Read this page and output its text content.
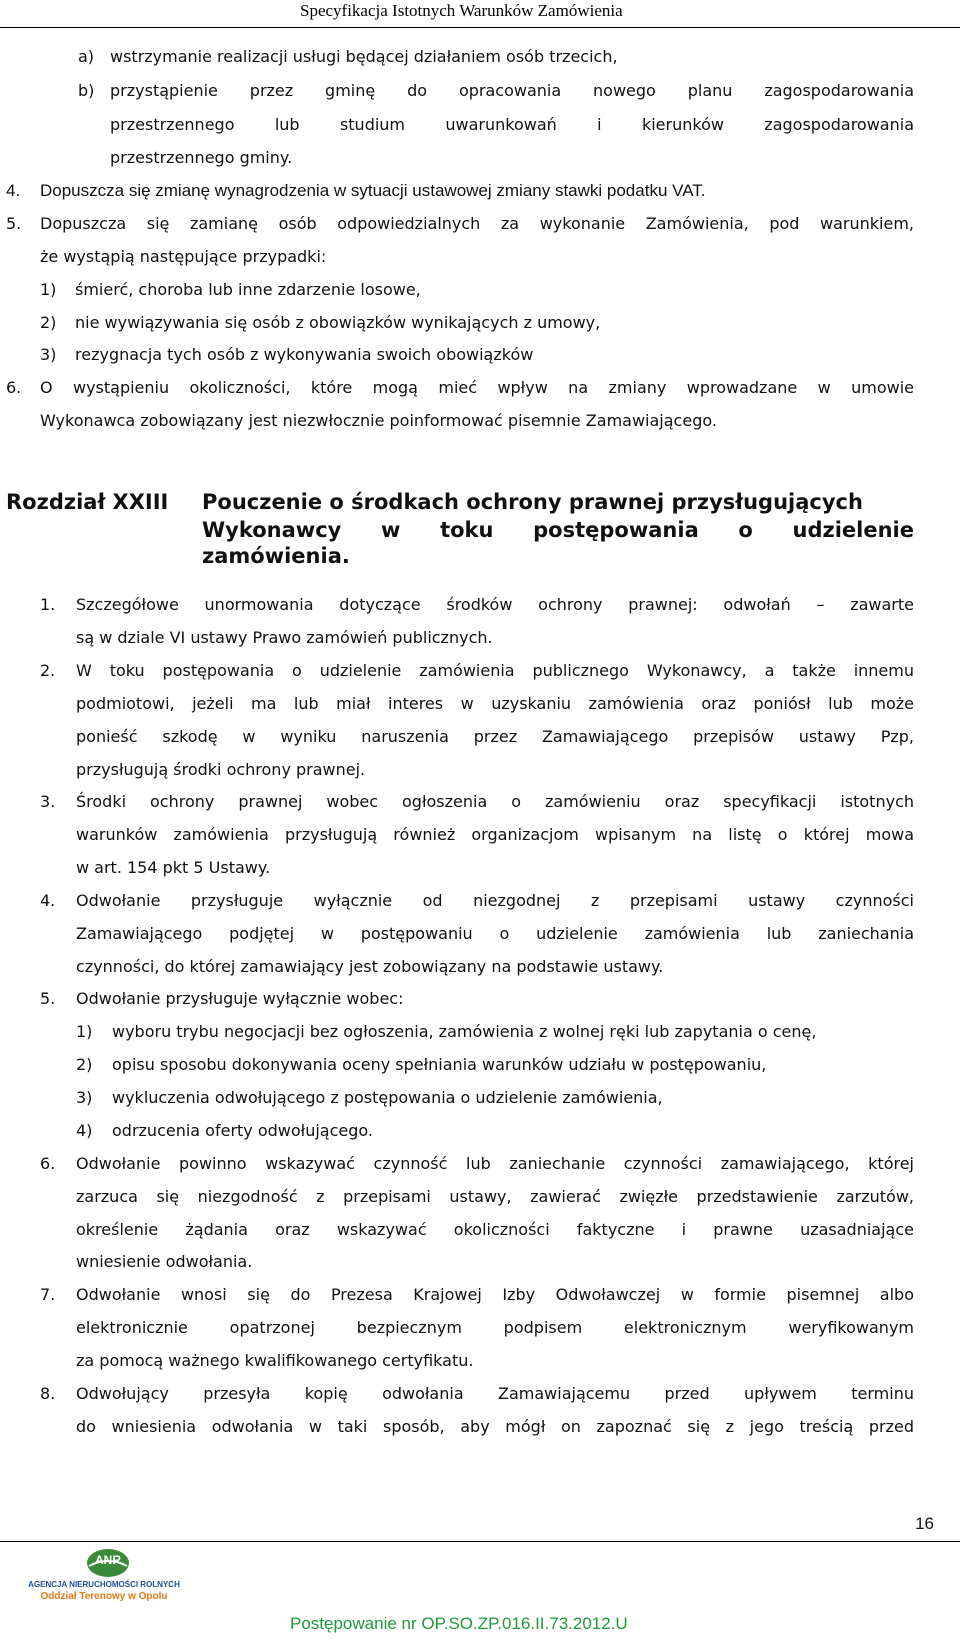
Specyfikacja Istotnych Warunków Zamówienia
a) wstrzymanie realizacji usługi będącej działaniem osób trzecich,
b) przystąpienie przez gminę do opracowania nowego planu zagospodarowania
przestrzennego lub studium uwarunkowań i kierunków zagospodarowania
przestrzennego gminy.
4. Dopuszcza się zmianę wynagrodzenia w sytuacji ustawowej zmiany stawki podatku VAT.
5. Dopuszcza się zamianę osób odpowiedzialnych za wykonanie Zamówienia, pod warunkiem,
że wystąpią następujące przypadki:
1) śmierć, choroba lub inne zdarzenie losowe,
2) nie wywiązywania się osób z obowiązków wynikających z umowy,
3) rezygnacja tych osób z wykonywania swoich obowiązków
6. O wystąpieniu okoliczności, które mogą mieć wpływ na zmiany wprowadzane w umowie
Wykonawca zobowiązany jest niezwłocznie poinformować pisemnie Zamawiającego.
Rozdział XXIII Pouczenie o środkach ochrony prawnej przysługujących
Wykonawcy w toku postępowania o udzielenie
zamówienia.
1. Szczegółowe unormowania dotyczące środków ochrony prawnej: odwołań – zawarte
są w dziale VI ustawy Prawo zamówień publicznych.
2. W toku postępowania o udzielenie zamówienia publicznego Wykonawcy, a także innemu
podmiotowi, jeżeli ma lub miał interes w uzyskaniu zamówienia oraz poniósł lub może
ponieść szkodę w wyniku naruszenia przez Zamawiającego przepisów ustawy Pzp,
przysługują środki ochrony prawnej.
3. Środki ochrony prawnej wobec ogłoszenia o zamówieniu oraz specyfikacji istotnych
warunków zamówienia przysługują również organizacjom wpisanym na listę o której mowa
w art. 154 pkt 5 Ustawy.
4. Odwołanie przysługuje wyłącznie od niezgodnej z przepisami ustawy czynności
Zamawiającego podjętej w postępowaniu o udzielenie zamówienia lub zaniechania
czynności, do której zamawiający jest zobowiązany na podstawie ustawy.
5. Odwołanie przysługuje wyłącznie wobec:
1) wyboru trybu negocjacji bez ogłoszenia, zamówienia z wolnej ręki lub zapytania o cenę,
2) opisu sposobu dokonywania oceny spełniania warunków udziału w postępowaniu,
3) wykluczenia odwołującego z postępowania o udzielenie zamówienia,
4) odrzucenia oferty odwołującego.
6. Odwołanie powinno wskazywać czynność lub zaniechanie czynności zamawiającego, której
zarzuca się niezgodność z przepisami ustawy, zawierać zwięzłe przedstawienie zarzutów,
określenie żądania oraz wskazywać okoliczności faktyczne i prawne uzasadniające
wniesienie odwołania.
7. Odwołanie wnosi się do Prezesa Krajowej Izby Odwoławczej w formie pisemnej albo
elektronicznie opatrzonej bezpiecznym podpisem elektronicznym weryfikowanym
za pomocą ważnego kwalifikowanego certyfikatu.
8. Odwołujący przesyła kopię odwołania Zamawiającemu przed upływem terminu
do wniesienia odwołania w taki sposób, aby mógł on zapoznać się z jego treścią przed
16
ANR
AGENCJA NIERUCHOMOŚCI ROLNYCH
Oddział Terenowy w Opolu
Postępowanie nr OP.SO.ZP.016.II.73.2012.U
